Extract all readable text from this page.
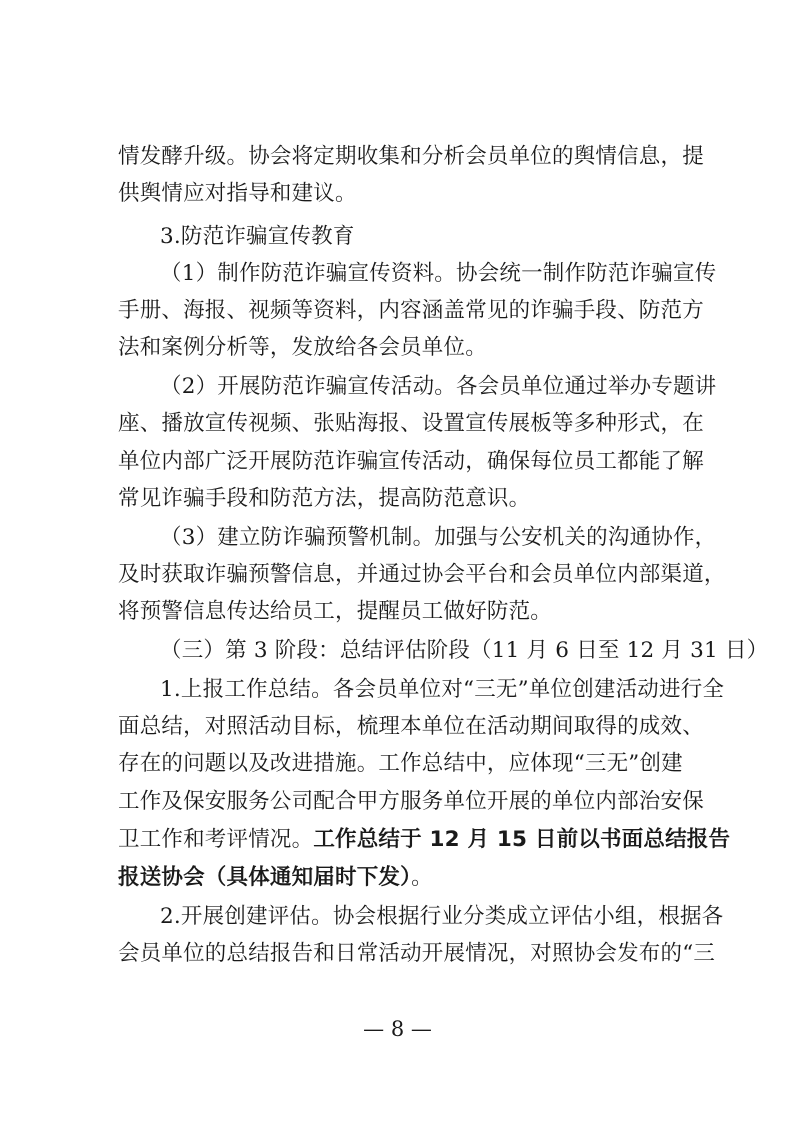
情发酵升级。协会将定期收集和分析会员单位的舆情信息，提
供舆情应对指导和建议。
3.防范诈骗宣传教育
（1）制作防范诈骗宣传资料。协会统一制作防范诈骗宣传
手册、海报、视频等资料，内容涵盖常见的诈骗手段、防范方
法和案例分析等，发放给各会员单位。
（2）开展防范诈骗宣传活动。各会员单位通过举办专题讲
座、播放宣传视频、张贴海报、设置宣传展板等多种形式，在
单位内部广泛开展防范诈骗宣传活动，确保每位员工都能了解
常见诈骗手段和防范方法，提高防范意识。
（3）建立防诈骗预警机制。加强与公安机关的沟通协作，
及时获取诈骗预警信息，并通过协会平台和会员单位内部渠道，
将预警信息传达给员工，提醒员工做好防范。
（三）第 3 阶段：总结评估阶段（11 月 6 日至 12 月 31 日）
1.上报工作总结。各会员单位对“三无”单位创建活动进行全
面总结，对照活动目标，梳理本单位在活动期间取得的成效、
存在的问题以及改进措施。工作总结中，应体现“三无”创建
工作及保安服务公司配合甲方服务单位开展的单位内部治安保
卫工作和考评情况。工作总结于 12 月 15 日前以书面总结报告
报送协会（具体通知届时下发）。
2.开展创建评估。协会根据行业分类成立评估小组，根据各
会员单位的总结报告和日常活动开展情况，对照协会发布的“三
— 8 —
